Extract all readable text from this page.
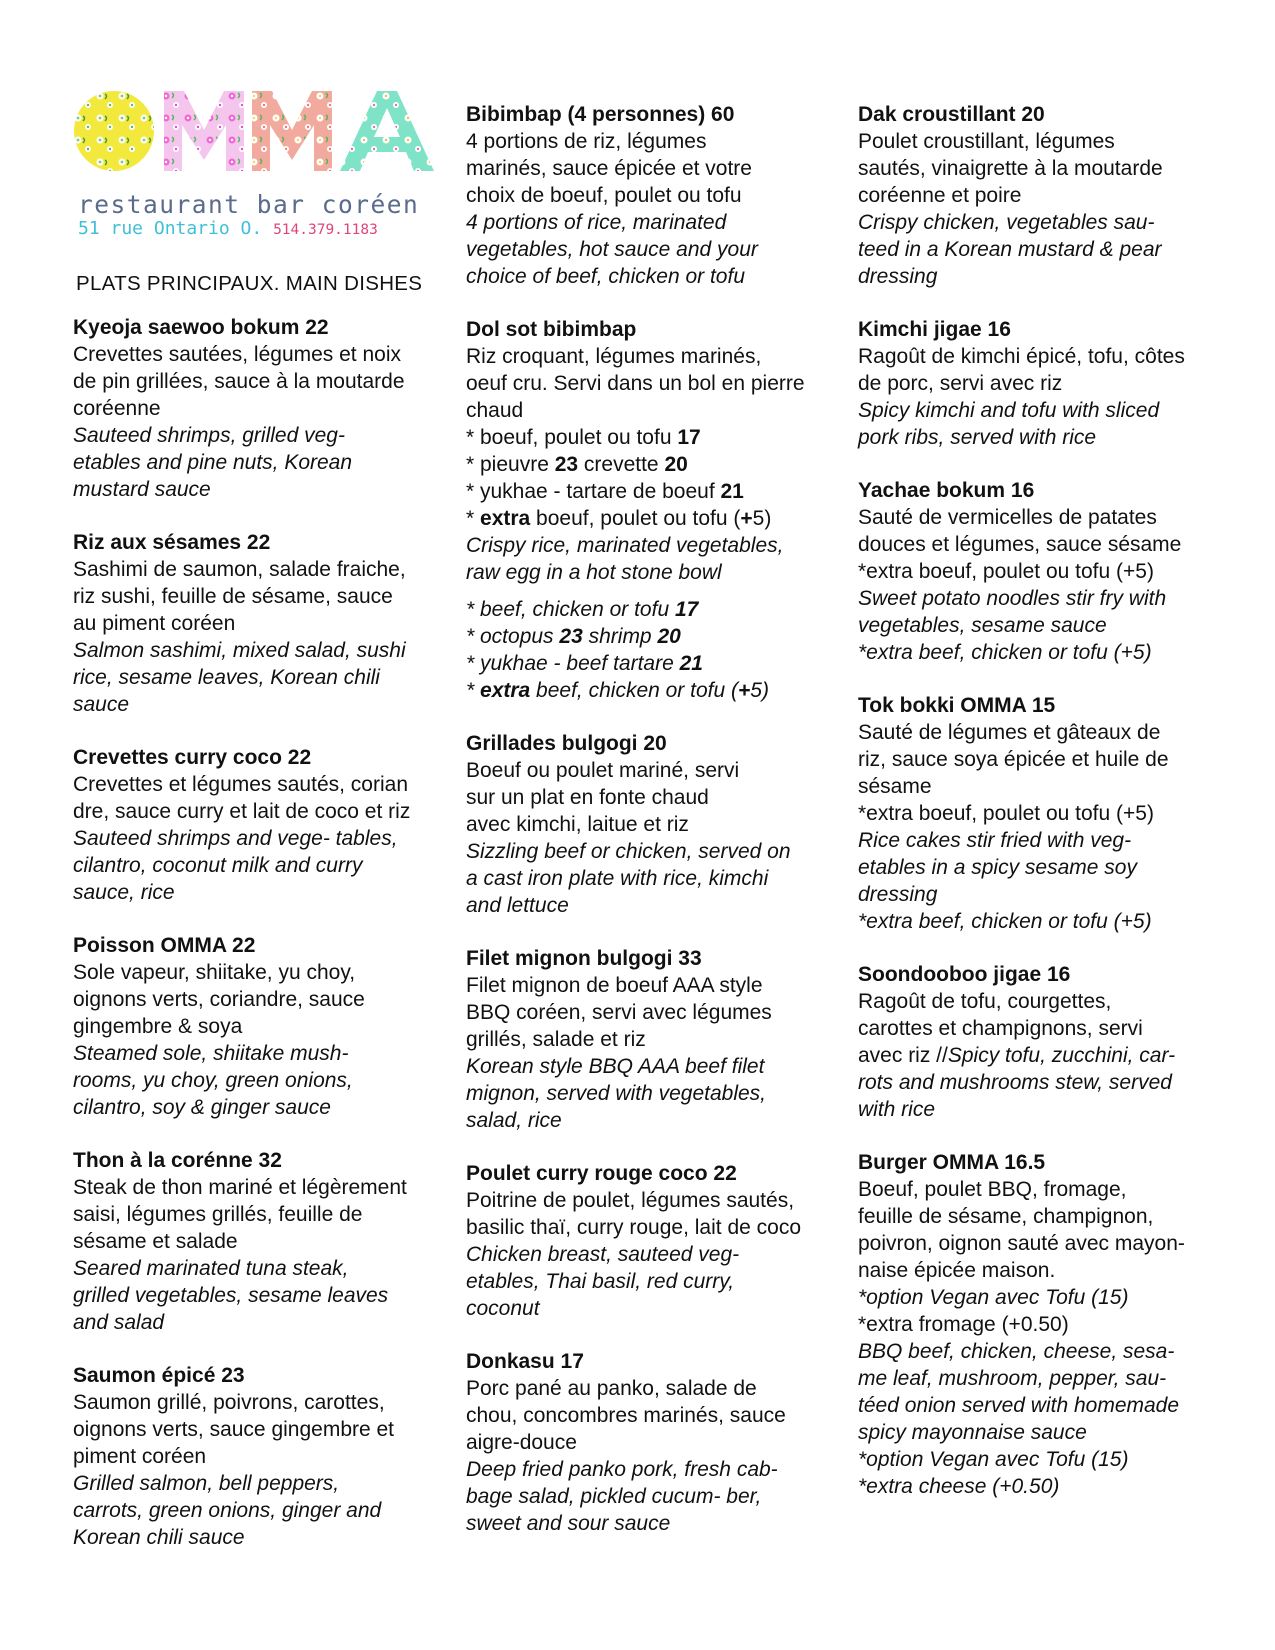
restaurant bar coréen
51 rue Ontario O. 514.379.1183
PLATS PRINCIPAUX. MAIN DISHES
Kyeoja saewoo bokum 22
Crevettes sautées, légumes et noix
de pin grillées, sauce à la moutarde
coréenne
Sauteed shrimps, grilled veg-
etables and pine nuts, Korean
mustard sauce
Riz aux sésames 22
Sashimi de saumon, salade fraiche,
riz sushi, feuille de sésame, sauce
au piment coréen
Salmon sashimi, mixed salad, sushi
rice, sesame leaves, Korean chili
sauce
Crevettes curry coco 22
Crevettes et légumes sautés, corian
dre, sauce curry et lait de coco et riz
Sauteed shrimps and vege- tables,
cilantro, coconut milk and curry
sauce, rice
Poisson OMMA 22
Sole vapeur, shiitake, yu choy,
oignons verts, coriandre, sauce
gingembre & soya
Steamed sole, shiitake mush-
rooms, yu choy, green onions,
cilantro, soy & ginger sauce
Thon à la corénne 32
Steak de thon mariné et légèrement
saisi, légumes grillés, feuille de
sésame et salade
Seared marinated tuna steak,
grilled vegetables, sesame leaves
and salad
Saumon épicé 23
Saumon grillé, poivrons, carottes,
oignons verts, sauce gingembre et
piment coréen
Grilled salmon, bell peppers,
carrots, green onions, ginger and
Korean chili sauce
Bibimbap (4 personnes) 60
4 portions de riz, légumes
marinés, sauce épicée et votre
choix de boeuf, poulet ou tofu
4 portions of rice, marinated
vegetables, hot sauce and your
choice of beef, chicken or tofu
Dol sot bibimbap
Riz croquant, légumes marinés,
oeuf cru. Servi dans un bol en pierre
chaud
* boeuf, poulet ou tofu 17
* pieuvre 23 crevette 20
* yukhae - tartare de boeuf 21
* extra boeuf, poulet ou tofu (+5)
Crispy rice, marinated vegetables,
raw egg in a hot stone bowl
* beef, chicken or tofu 17
* octopus 23 shrimp 20
* yukhae - beef tartare 21
* extra beef, chicken or tofu (+5)
Grillades bulgogi 20
Boeuf ou poulet mariné, servi
sur un plat en fonte chaud
avec kimchi, laitue et riz
Sizzling beef or chicken, served on
a cast iron plate with rice, kimchi
and lettuce
Filet mignon bulgogi 33
Filet mignon de boeuf AAA style
BBQ coréen, servi avec légumes
grillés, salade et riz
Korean style BBQ AAA beef filet
mignon, served with vegetables,
salad, rice
Poulet curry rouge coco 22
Poitrine de poulet, légumes sautés,
basilic thaï, curry rouge, lait de coco
Chicken breast, sauteed veg-
etables, Thai basil, red curry,
coconut
Donkasu 17
Porc pané au panko, salade de
chou, concombres marinés, sauce
aigre-douce
Deep fried panko pork, fresh cab-
bage salad, pickled cucum- ber,
sweet and sour sauce
Dak croustillant 20
Poulet croustillant, légumes
sautés, vinaigrette à la moutarde
coréenne et poire
Crispy chicken, vegetables sau-
teed in a Korean mustard & pear
dressing
Kimchi jigae 16
Ragoût de kimchi épicé, tofu, côtes
de porc, servi avec riz
Spicy kimchi and tofu with sliced
pork ribs, served with rice
Yachae bokum 16
Sauté de vermicelles de patates
douces et légumes, sauce sésame
*extra boeuf, poulet ou tofu (+5)
Sweet potato noodles stir fry with
vegetables, sesame sauce
*extra beef, chicken or tofu (+5)
Tok bokki OMMA 15
Sauté de légumes et gâteaux de
riz, sauce soya épicée et huile de
sésame
*extra boeuf, poulet ou tofu (+5)
Rice cakes stir fried with veg-
etables in a spicy sesame soy
dressing
*extra beef, chicken or tofu (+5)
Soondooboo jigae 16
Ragoût de tofu, courgettes,
carottes et champignons, servi
avec riz //Spicy tofu, zucchini, car-
rots and mushrooms stew, served
with rice
Burger OMMA 16.5
Boeuf, poulet BBQ, fromage,
feuille de sésame, champignon,
poivron, oignon sauté avec mayon-
naise épicée maison.
*option Vegan avec Tofu (15)
*extra fromage (+0.50)
BBQ beef, chicken, cheese, sesa-
me leaf, mushroom, pepper, sau-
téed onion served with homemade
spicy mayonnaise sauce
*option Vegan avec Tofu (15)
*extra cheese (+0.50)
